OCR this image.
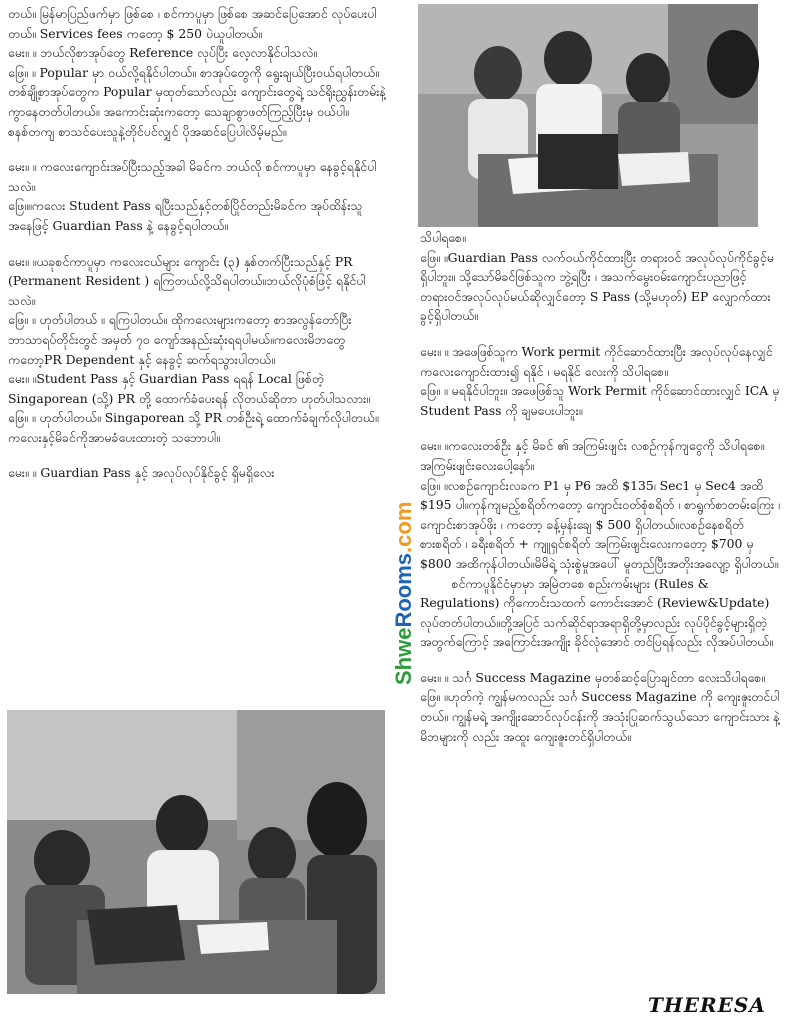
တယ်။ မြန်မာပြည်ဖက်မှာ ဖြစ်စေ ၊ စင်ကာပူမှာ ဖြစ်စေ အဆင်ပြေအောင် လုပ်ပေးပါတယ်။ Services fees ကတော့ $ 250 ပဲယူပါတယ်။

မေး။ ။ ဘယ်လိုစာအုပ်တွေ Reference လုပ်ပြီး လေ့လာနိုင်ပါသလဲ။

ဖြေ။ ။ Popular မှာ ဝယ်လို့ရနိုင်ပါတယ်။ စာအုပ်တွေကို ရွေးချယ်ပြီးဝယ်ရပါတယ်။တစ်ချို့စာအုပ်တွေက Popular မှထုတ်သော်လည်း ကျောင်းတွေရဲ့ သင်ရိုးညွှန်းတမ်းနဲ့ကွာနေတတ်ပါတယ်။ အကောင်းဆုံးကတော့ သေချာစွာဖတ်ကြည့်ပြီးမှ ဝယ်ပါ။ စနစ်တကျ စာသင်ပေးသူနဲ့တိုင်ပင်လျှင် ပိုအဆင်ပြေပါလိမ့်မည်။

မေး။ ။ ကလေးကျောင်းအပ်ပြီးသည့်အခါ မိခင်က ဘယ်လို စင်ကာပူမှာ နေခွင့်ရနိုင်ပါသလဲ။

ဖြေ။။ကလေး Student Pass ရပြီးသည်နှင့်တစ်ပြိုင်တည်းမိခင်က အုပ်ထိန်းသူအနေဖြင့် Guardian Pass နဲ့ နေခွင့်ရပါတယ်။

မေး။ ။ယခုစင်ကာပူမှာ ကလေးငယ်များ ကျောင်း (၃) နှစ်တက်ပြီးသည်နှင့် PR (Permanent Resident ) ရကြတယ်လို့သိရပါတယ်။ဘယ်လိုပုံစံဖြင့် ရနိုင်ပါသလဲ။

ဖြေ။ ။ ဟုတ်ပါတယ် ။ ရကြပါတယ်။ ထိုကလေးများကတော့ စာအလွန်တော်ပြီး ဘာသာရပ်တိုင်းတွင် အမှတ် ၇၀ ကျော်အနည်းဆုံးရရပါမယ်။ကလေးမိဘတွေကတော့PR Dependent နှင့် နေခွင့် ဆက်ရသွားပါတယ်။

မေး။ ။Student Pass နှင့် Guardian Pass ရရန် Local ဖြစ်တဲ့ Singaporean (သို့) PR တို့ ထောက်ခံပေးရန် လိုတယ်ဆိုတာ ဟုတ်ပါသလား။

ဖြေ။ ။ ဟုတ်ပါတယ်။ Singaporean သို့ PR တစ်ဦးရဲ့ ထောက်ခံချက်လိုပါတယ်။ကလေးနှင့်မိခင်ကိုအာမခံပေးထားတဲ့ သဘောပါ။

မေး။ ။ Guardian Pass နှင့် အလုပ်လုပ်နိုင်ခွင့် ရှိမရှိလေး

ShweRooms.com

သိပါရစေ။

ဖြေ။ ။Guardian Pass လက်ဝယ်ကိုင်ထားပြီး တရားဝင် အလုပ်လုပ်ကိုင်ခွင့်မရှိပါဘူး။ သို့သော်မိခင်ဖြစ်သူက ဘွဲ့ရပြီး ၊ အသက်မွေးဝမ်းကျောင်းပညာဖြင့် တရားဝင်အလုပ်လုပ်မယ်ဆိုလျှင်တော့ S Pass (သို့မဟုတ်) EP လျှောက်ထားခွင့်ရှိပါတယ်။

မေး။ ။ အဖေဖြစ်သူက Work permit ကိုင်ဆောင်ထားပြီး အလုပ်လုပ်နေလျှင် ကလေးကျောင်းထား၍ ရနိုင် ၊ မရနိုင် လေးကို သိပါရစေ။

ဖြေ။ ။ မရနိုင်ပါဘူး။ အဖေဖြစ်သူ Work Permit ကိုင်ဆောင်ထားလျှင် ICA မှ Student Pass ကို ချမပေးပါဘူး။

မေး။ ။ကလေးတစ်ဦး နှင့် မိခင် ၏ အကြမ်းဖျင်း လစဉ်ကုန်ကျငွေကို သိပါရစေ။ အကြမ်းဖျင်းလေးပေါ့နော်။

ဖြေ။ ။လစဉ်ကျောင်းလခက P1 မှ P6 အထိ $135၊ Sec1 မှ Sec4 အထိ $195 ပါ။ကုန်ကျမည့်စရိတ်ကတော့ ကျောင်းဝတ်စုံစရိတ် ၊ စာရွက်စာတမ်းကြေး ၊ ကျောင်းစာအုပ်ဖိုး ၊ ကတော့ ခန့်မှန်းချေ $ 500 ရှိပါတယ်။လစဉ်နေစရိတ် စားစရိတ် ၊ ခရီးစရိတ် + ကျူရှင်စရိတ် အကြမ်းဖျင်းလေးကတော့ $700 မှ $800 အထိကုန်ပါတယ်။မိမိရဲ့ သုံးစွဲမှုအပေါ် မူတည်ပြီးအတိုးအလျော့ ရှိပါတယ်။

စင်ကာပူနိုင်ငံမှာမှာ အမြဲတစေ စည်းကမ်းများ (Rules & Regulations) ကိုကောင်းသထက် ကောင်းအောင် (Review&Update) လုပ်တတ်ပါတယ်။တို့အပြင် သက်ဆိုင်ရာအရာရှိတို့မှာလည်း လုပ်ပိုင်ခွင့်များရှိတဲ့ အတွက်ကြောင့် အကြောင်းအကျိုး ခိုင်လုံအောင် တင်ပြရန်လည်း လိုအပ်ပါတယ်။

မေး။ ။ သင်္ဂ Success Magazine မှတစ်ဆင့်ပြောချင်တာ လေးသိပါရစေ။

ဖြေ။ ။ဟုတ်ကဲ့ ကျွန်မကလည်း သင်္ဂ Success Magazine ကို ကျေးဇူးတင်ပါတယ်။ ကျွန်မရဲ့ အကျိုးဆောင်လုပ်ငန်းကို အသုံးပြုဆက်သွယ်သော ကျောင်းသား နဲ့ မိဘများကို လည်း အထူး ကျေးဇူးတင်ရှိပါတယ်။

THERESA
